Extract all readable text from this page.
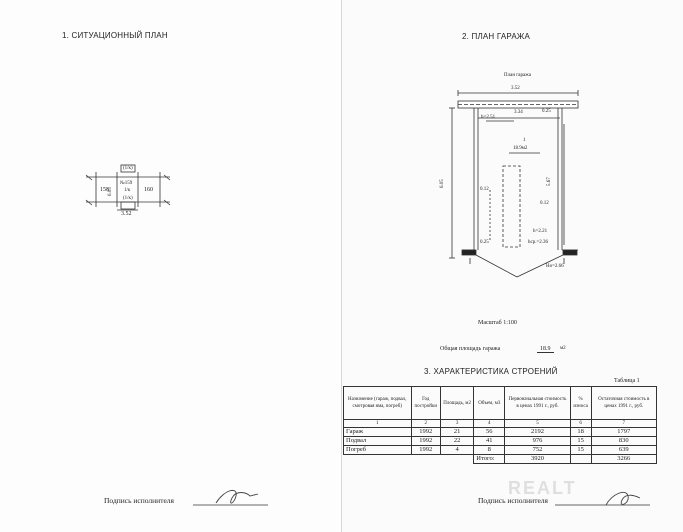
1. СИТУАЦИОННЫЙ ПЛАН	2. ПЛАН ГАРАЖА
158	160
(1/к)
№159
1/к
(1/к)
6.05
3.52
План гаража
3.52
3.34	0.25
h=2.51
1
18.9м2
6.05	5.67
0.12
0.12
h=2.21
hср.=2.36
0.25
Но=2.66
Масштаб 1:100
Общая площадь гаража	18.9	м2
3. ХАРАКТЕРИСТИКА СТРОЕНИЙ
Таблица 1
Назначение (гараж, подвал, смотровая яма, погреб)	Год постройки	Площадь, м2	Объем, м3	Первоначальная стоимость в ценах 1991 г., руб.	% износа	Остаточная стоимость в ценах 1991 г., руб.
1	2	3	4	5	6	7
Гараж	1992	21	56	2192	18	1797
Подвал	1992	22	41	976	15	830
Погреб	1992	4	8	752	15	639
			Итого:	3920		3266
Подпись исполнителя	Подпись исполнителя
REALT
